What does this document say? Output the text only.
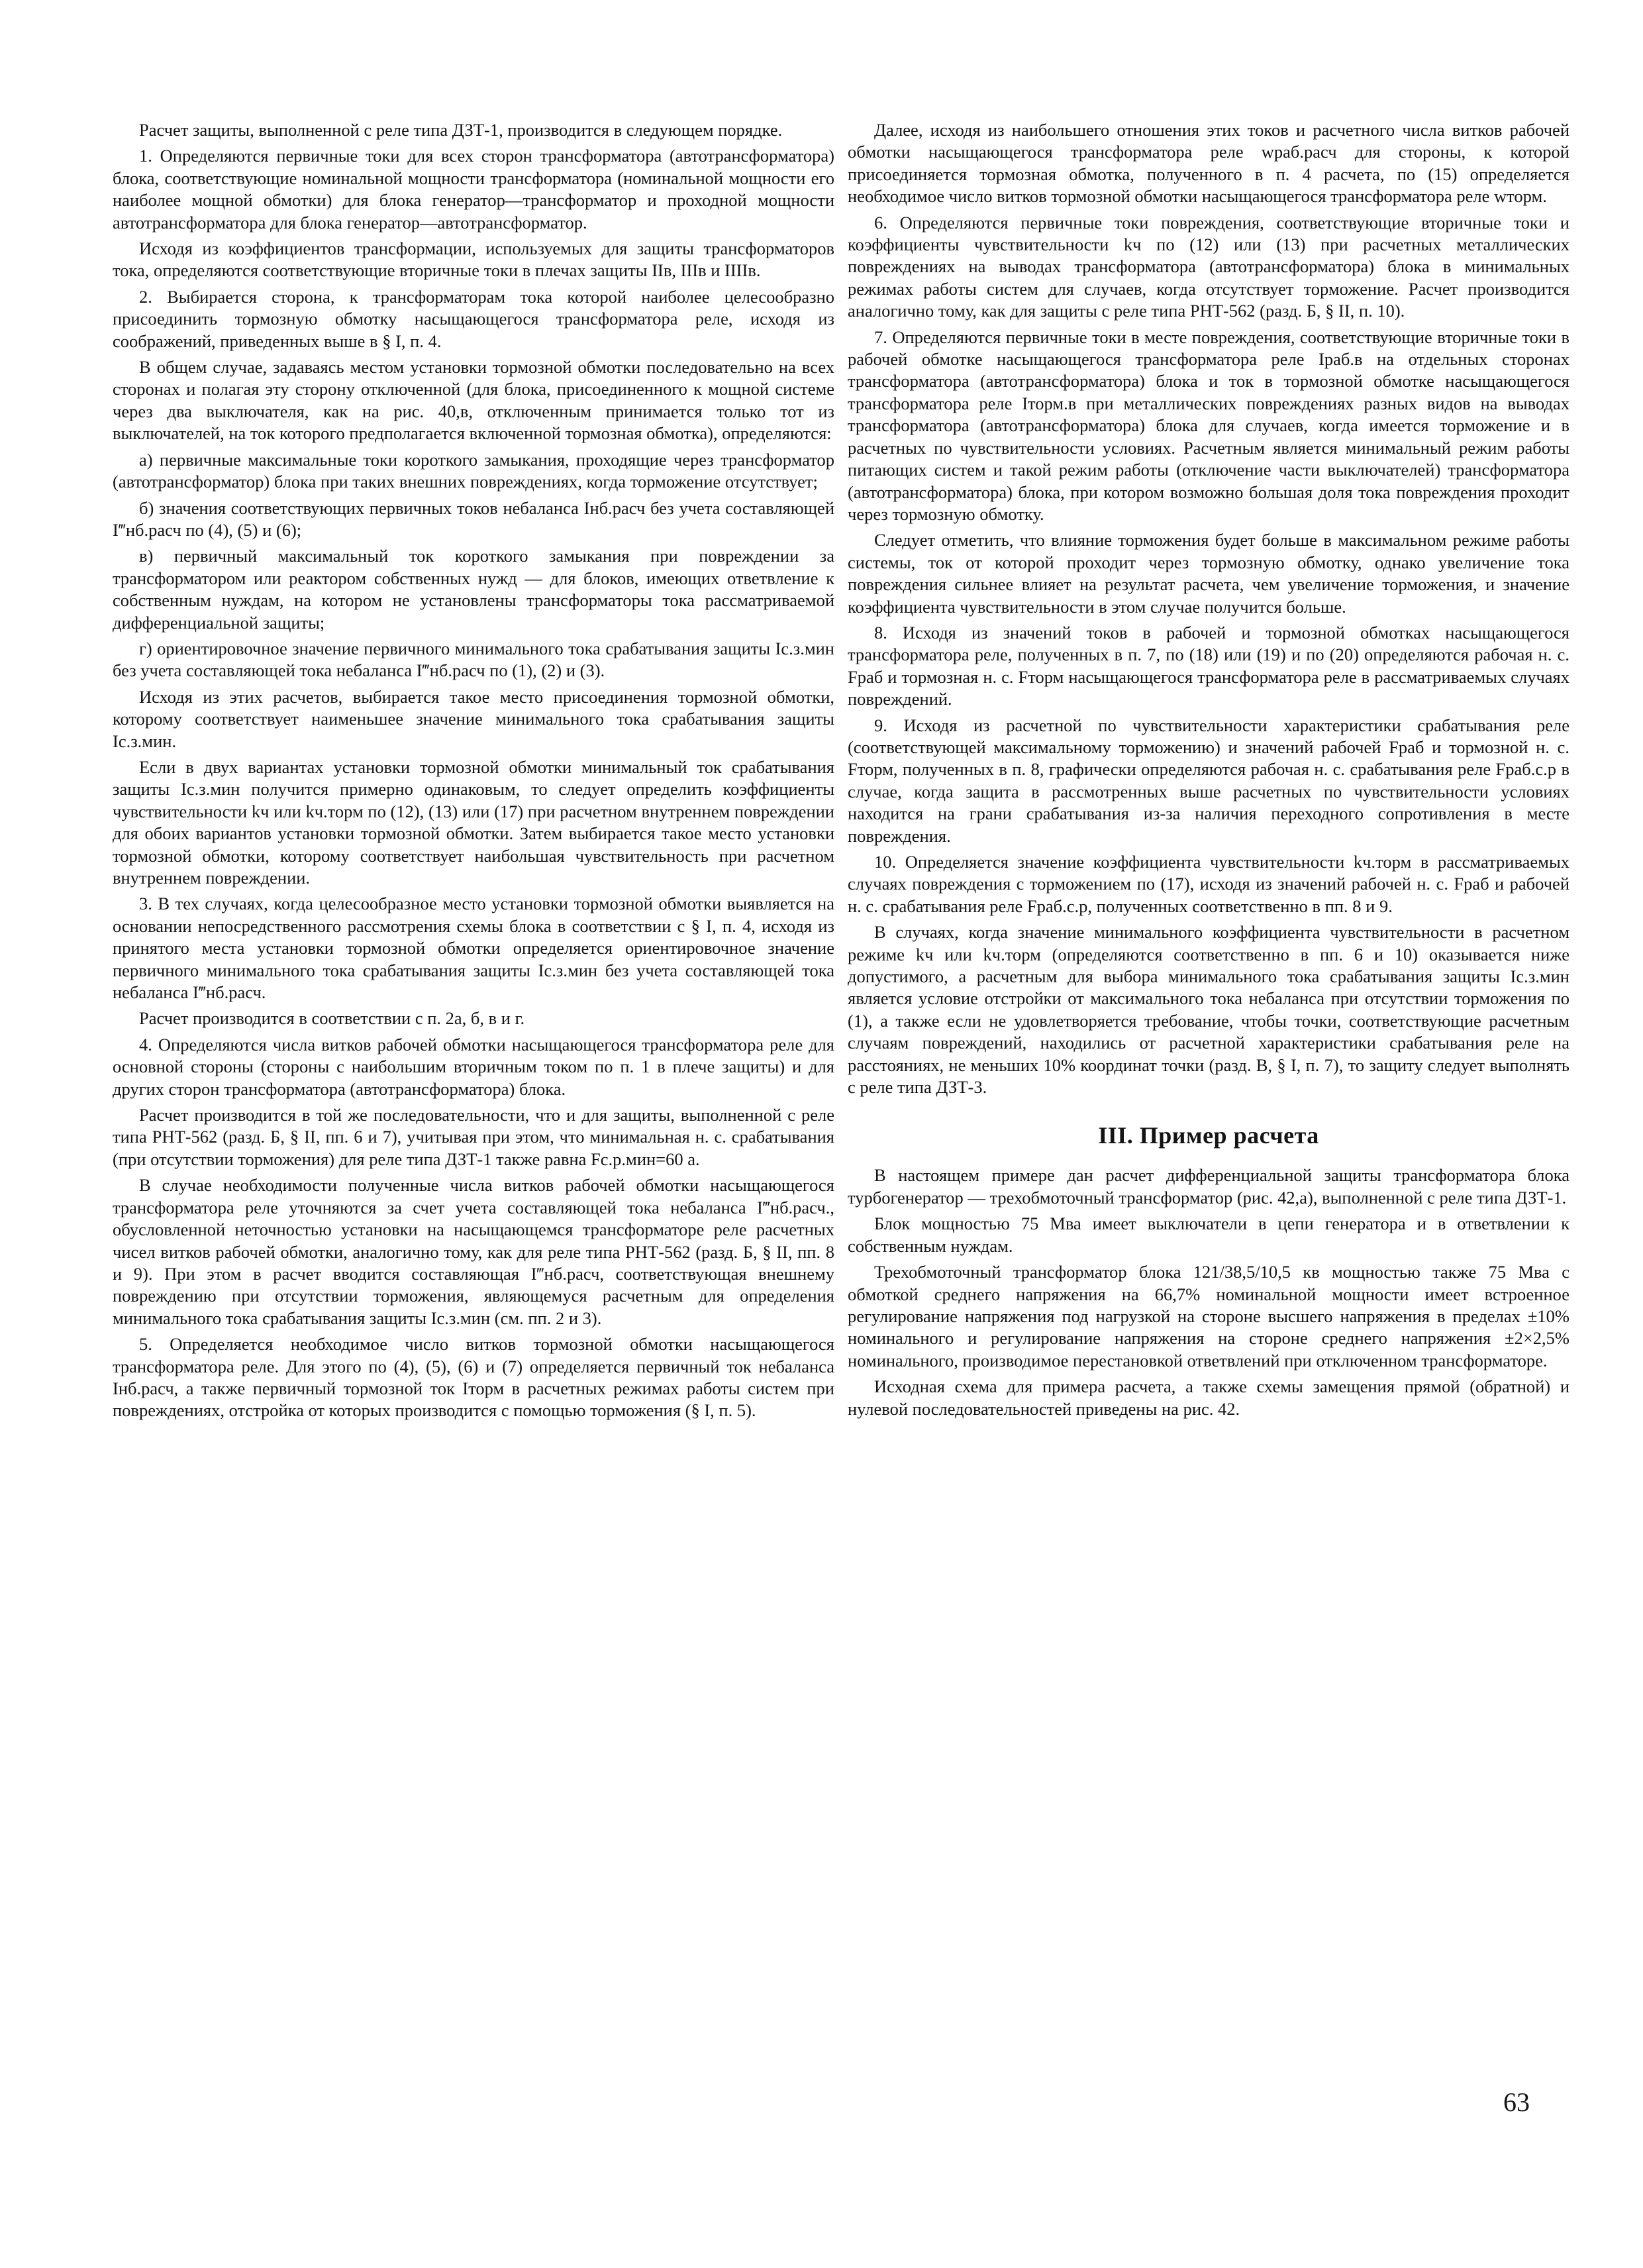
Расчет защиты, выполненной с реле типа ДЗТ-1, производится в следующем порядке.

1. Определяются первичные токи для всех сторон трансформатора (автотрансформатора) блока, соответствующие номинальной мощности трансформатора (номинальной мощности его наиболее мощной обмотки) для блока генератор—трансформатор и проходной мощности автотрансформатора для блока генератор—автотрансформатор.

Исходя из коэффициентов трансформации, используемых для защиты трансформаторов тока, определяются соответствующие вторичные токи в плечах защиты IIв, IIIв и IIIIв.

2. Выбирается сторона, к трансформаторам тока которой наиболее целесообразно присоединить тормозную обмотку насыщающегося трансформатора реле, исходя из соображений, приведенных выше в § I, п. 4.

В общем случае, задаваясь местом установки тормозной обмотки последовательно на всех сторонах и полагая эту сторону отключенной (для блока, присоединенного к мощной системе через два выключателя, как на рис. 40,в, отключенным принимается только тот из выключателей, на ток которого предполагается включенной тормозная обмотка), определяются:

а) первичные максимальные токи короткого замыкания, проходящие через трансформатор (автотрансформатор) блока при таких внешних повреждениях, когда торможение отсутствует;

б) значения соответствующих первичных токов небаланса Iнб.расч без учета составляющей I‴нб.расч по (4), (5) и (6);

в) первичный максимальный ток короткого замыкания при повреждении за трансформатором или реактором собственных нужд — для блоков, имеющих ответвление к собственным нуждам, на котором не установлены трансформаторы тока рассматриваемой дифференциальной защиты;

г) ориентировочное значение первичного минимального тока срабатывания защиты Iс.з.мин без учета составляющей тока небаланса I‴нб.расч по (1), (2) и (3).

Исходя из этих расчетов, выбирается такое место присоединения тормозной обмотки, которому соответствует наименьшее значение минимального тока срабатывания защиты Iс.з.мин.

Если в двух вариантах установки тормозной обмотки минимальный ток срабатывания защиты Iс.з.мин получится примерно одинаковым, то следует определить коэффициенты чувствительности kч или kч.торм по (12), (13) или (17) при расчетном внутреннем повреждении для обоих вариантов установки тормозной обмотки. Затем выбирается такое место установки тормозной обмотки, которому соответствует наибольшая чувствительность при расчетном внутреннем повреждении.

3. В тех случаях, когда целесообразное место установки тормозной обмотки выявляется на основании непосредственного рассмотрения схемы блока в соответствии с § I, п. 4, исходя из принятого места установки тормозной обмотки определяется ориентировочное значение первичного минимального тока срабатывания защиты Iс.з.мин без учета составляющей тока небаланса I‴нб.расч.

Расчет производится в соответствии с п. 2а, б, в и г.

4. Определяются числа витков рабочей обмотки насыщающегося трансформатора реле для основной стороны (стороны с наибольшим вторичным током по п. 1 в плече защиты) и для других сторон трансформатора (автотрансформатора) блока.

Расчет производится в той же последовательности, что и для защиты, выполненной с реле типа РНТ-562 (разд. Б, § II, пп. 6 и 7), учитывая при этом, что минимальная н. с. срабатывания (при отсутствии торможения) для реле типа ДЗТ-1 также равна Fс.р.мин=60 а.

В случае необходимости полученные числа витков рабочей обмотки насыщающегося трансформатора реле уточняются за счет учета составляющей тока небаланса I‴нб.расч., обусловленной неточностью установки на насыщающемся трансформаторе реле расчетных чисел витков рабочей обмотки, аналогично тому, как для реле типа РНТ-562 (разд. Б, § II, пп. 8 и 9). При этом в расчет вводится составляющая I‴нб.расч, соответствующая внешнему повреждению при отсутствии торможения, являющемуся расчетным для определения минимального тока срабатывания защиты Iс.з.мин (см. пп. 2 и 3).

5. Определяется необходимое число витков тормозной обмотки насыщающегося трансформатора реле. Для этого по (4), (5), (6) и (7) определяется первичный ток небаланса Iнб.расч, а также первичный тормозной ток Iторм в расчетных режимах работы систем при повреждениях, отстройка от которых производится с помощью торможения (§ I, п. 5).

Далее, исходя из наибольшего отношения этих токов и расчетного числа витков рабочей обмотки насыщающегося трансформатора реле wраб.расч для стороны, к которой присоединяется тормозная обмотка, полученного в п. 4 расчета, по (15) определяется необходимое число витков тормозной обмотки насыщающегося трансформатора реле wторм.

6. Определяются первичные токи повреждения, соответствующие вторичные токи и коэффициенты чувствительности kч по (12) или (13) при расчетных металлических повреждениях на выводах трансформатора (автотрансформатора) блока в минимальных режимах работы систем для случаев, когда отсутствует торможение. Расчет производится аналогично тому, как для защиты с реле типа РНТ-562 (разд. Б, § II, п. 10).

7. Определяются первичные токи в месте повреждения, соответствующие вторичные токи в рабочей обмотке насыщающегося трансформатора реле Iраб.в на отдельных сторонах трансформатора (автотрансформатора) блока и ток в тормозной обмотке насыщающегося трансформатора реле Iторм.в при металлических повреждениях разных видов на выводах трансформатора (автотрансформатора) блока для случаев, когда имеется торможение и в расчетных по чувствительности условиях. Расчетным является минимальный режим работы питающих систем и такой режим работы (отключение части выключателей) трансформатора (автотрансформатора) блока, при котором возможно большая доля тока повреждения проходит через тормозную обмотку.

Следует отметить, что влияние торможения будет больше в максимальном режиме работы системы, ток от которой проходит через тормозную обмотку, однако увеличение тока повреждения сильнее влияет на результат расчета, чем увеличение торможения, и значение коэффициента чувствительности в этом случае получится больше.

8. Исходя из значений токов в рабочей и тормозной обмотках насыщающегося трансформатора реле, полученных в п. 7, по (18) или (19) и по (20) определяются рабочая н. с. Fраб и тормозная н. с. Fторм насыщающегося трансформатора реле в рассматриваемых случаях повреждений.

9. Исходя из расчетной по чувствительности характеристики срабатывания реле (соответствующей максимальному торможению) и значений рабочей Fраб и тормозной н. с. Fторм, полученных в п. 8, графически определяются рабочая н. с. срабатывания реле Fраб.с.р в случае, когда защита в рассмотренных выше расчетных по чувствительности условиях находится на грани срабатывания из-за наличия переходного сопротивления в месте повреждения.

10. Определяется значение коэффициента чувствительности kч.торм в рассматриваемых случаях повреждения с торможением по (17), исходя из значений рабочей н. с. Fраб и рабочей н. с. срабатывания реле Fраб.с.р, полученных соответственно в пп. 8 и 9.

В случаях, когда значение минимального коэффициента чувствительности в расчетном режиме kч или kч.торм (определяются соответственно в пп. 6 и 10) оказывается ниже допустимого, а расчетным для выбора минимального тока срабатывания защиты Iс.з.мин является условие отстройки от максимального тока небаланса при отсутствии торможения по (1), а также если не удовлетворяется требование, чтобы точки, соответствующие расчетным случаям повреждений, находились от расчетной характеристики срабатывания реле на расстояниях, не меньших 10% координат точки (разд. В, § I, п. 7), то защиту следует выполнять с реле типа ДЗТ-3.

III. Пример расчета

В настоящем примере дан расчет дифференциальной защиты трансформатора блока турбогенератор — трехобмоточный трансформатор (рис. 42,а), выполненной с реле типа ДЗТ-1.

Блок мощностью 75 Мва имеет выключатели в цепи генератора и в ответвлении к собственным нуждам.

Трехобмоточный трансформатор блока 121/38,5/10,5 кв мощностью также 75 Мва с обмоткой среднего напряжения на 66,7% номинальной мощности имеет встроенное регулирование напряжения под нагрузкой на стороне высшего напряжения в пределах ±10% номинального и регулирование напряжения на стороне среднего напряжения ±2×2,5% номинального, производимое перестановкой ответвлений при отключенном трансформаторе.

Исходная схема для примера расчета, а также схемы замещения прямой (обратной) и нулевой последовательностей приведены на рис. 42.

63
